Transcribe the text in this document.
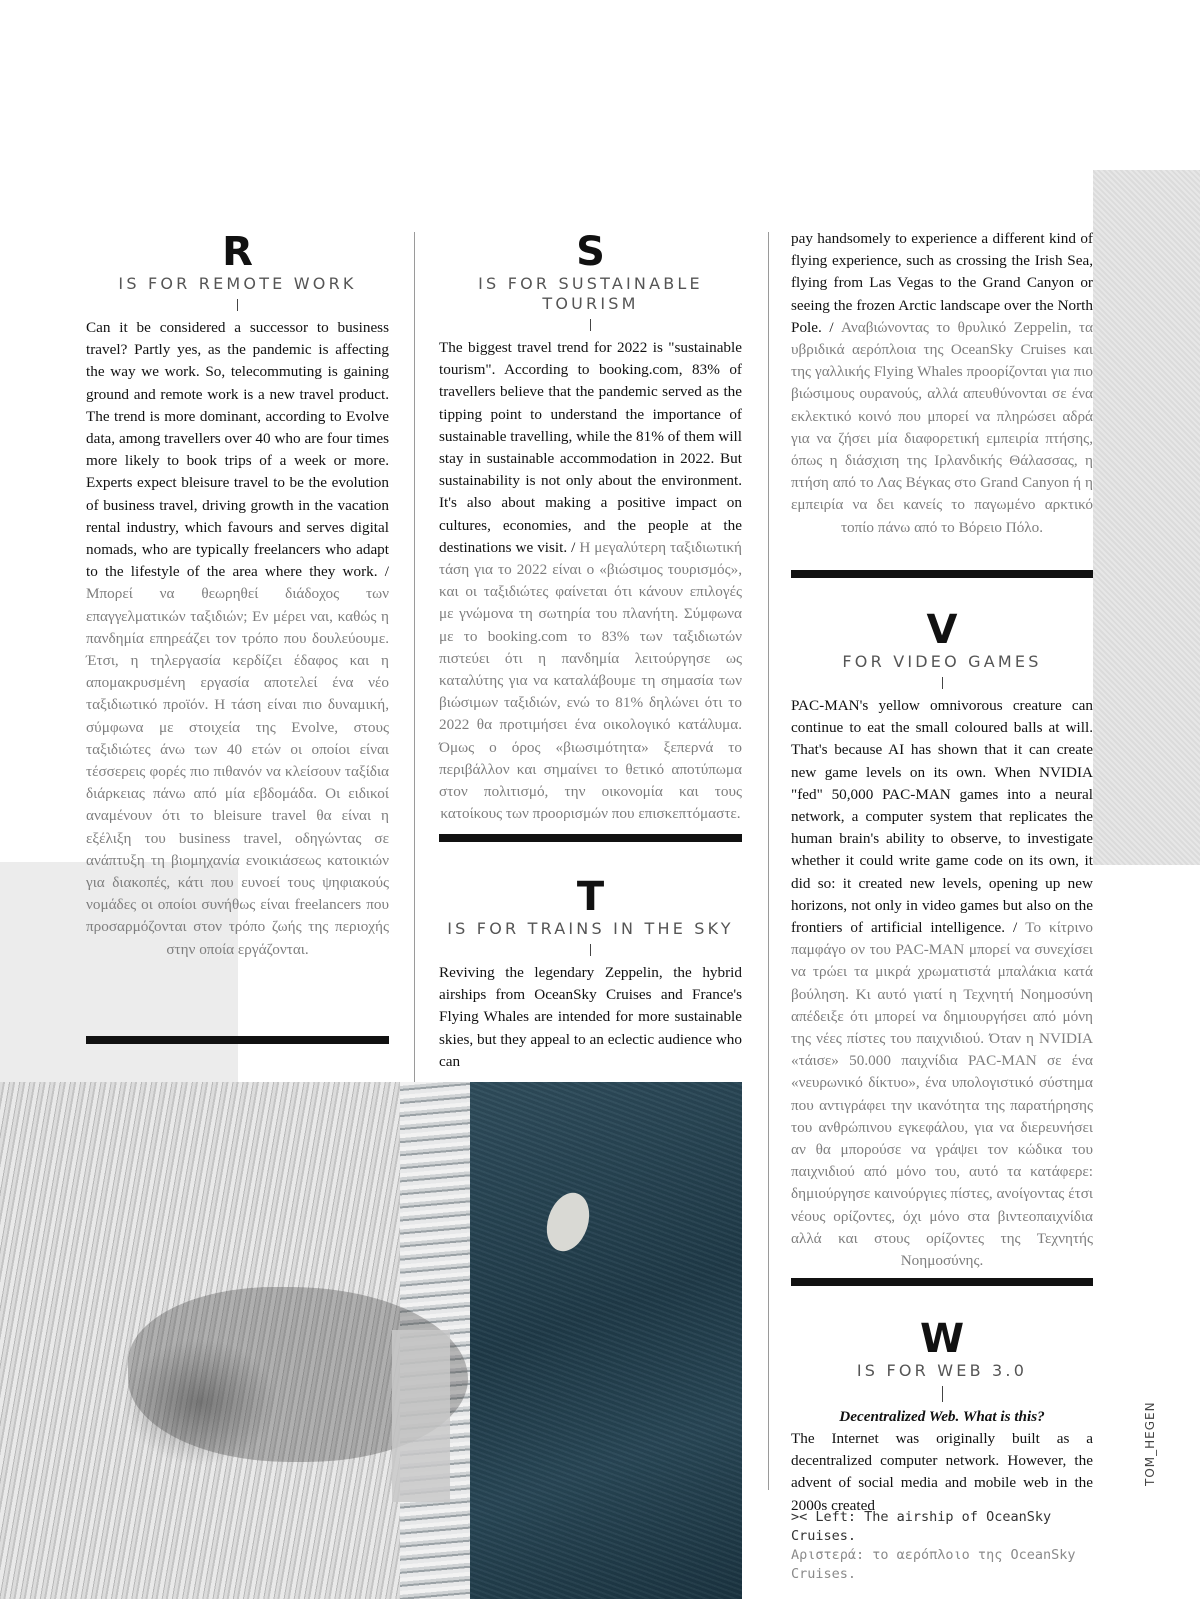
R
IS FOR REMOTE WORK
Can it be considered a successor to business travel? Partly yes, as the pandemic is affecting the way we work. So, telecommuting is gaining ground and remote work is a new travel product. The trend is more dominant, according to Evolve data, among travellers over 40 who are four times more likely to book trips of a week or more. Experts expect bleisure travel to be the evolution of business travel, driving growth in the vacation rental industry, which favours and serves digital nomads, who are typically freelancers who adapt to the lifestyle of the area where they work. / Μπορεί να θεωρηθεί διάδοχος των επαγγελματικών ταξιδιών; Εν μέρει ναι, καθώς η πανδημία επηρεάζει τον τρόπο που δουλεύουμε. Έτσι, η τηλεργασία κερδίζει έδαφος και η απομακρυσμένη εργασία αποτελεί ένα νέο ταξιδιωτικό προϊόν. Η τάση είναι πιο δυναμική, σύμφωνα με στοιχεία της Evolve, στους ταξιδιώτες άνω των 40 ετών οι οποίοι είναι τέσσερεις φορές πιο πιθανόν να κλείσουν ταξίδια διάρκειας πάνω από μία εβδομάδα. Οι ειδικοί αναμένουν ότι το bleisure travel θα είναι η εξέλιξη του business travel, οδηγώντας σε ανάπτυξη τη βιομηχανία ενοικιάσεως κατοικιών για διακοπές, κάτι που ευνοεί τους ψηφιακούς νομάδες οι οποίοι συνήθως είναι freelancers που προσαρμόζονται στον τρόπο ζωής της περιοχής στην οποία εργάζονται.
S
IS FOR SUSTAINABLE TOURISM
The biggest travel trend for 2022 is "sustainable tourism". According to booking.com, 83% of travellers believe that the pandemic served as the tipping point to understand the importance of sustainable travelling, while the 81% of them will stay in sustainable accommodation in 2022. But sustainability is not only about the environment. It's also about making a positive impact on cultures, economies, and the people at the destinations we visit. / Η μεγαλύτερη ταξιδιωτική τάση για το 2022 είναι ο «βιώσιμος τουρισμός», και οι ταξιδιώτες φαίνεται ότι κάνουν επιλογές με γνώμονα τη σωτηρία του πλανήτη. Σύμφωνα με το booking.com το 83% των ταξιδιωτών πιστεύει ότι η πανδημία λειτούργησε ως καταλύτης για να καταλάβουμε τη σημασία των βιώσιμων ταξιδιών, ενώ το 81% δηλώνει ότι το 2022 θα προτιμήσει ένα οικολογικό κατάλυμα. Όμως ο όρος «βιωσιμότητα» ξεπερνά το περιβάλλον και σημαίνει το θετικό αποτύπωμα στον πολιτισμό, την οικονομία και τους κατοίκους των προορισμών που επισκεπτόμαστε.
T
IS FOR TRAINS IN THE SKY
Reviving the legendary Zeppelin, the hybrid airships from OceanSky Cruises and France's Flying Whales are intended for more sustainable skies, but they appeal to an eclectic audience who can
pay handsomely to experience a different kind of flying experience, such as crossing the Irish Sea, flying from Las Vegas to the Grand Canyon or seeing the frozen Arctic landscape over the North Pole. / Αναβιώνοντας το θρυλικό Zeppelin, τα υβριδικά αερόπλοια της OceanSky Cruises και της γαλλικής Flying Whales προορίζονται για πιο βιώσιμους ουρανούς, αλλά απευθύνονται σε ένα εκλεκτικό κοινό που μπορεί να πληρώσει αδρά για να ζήσει μία διαφορετική εμπειρία πτήσης, όπως η διάσχιση της Ιρλανδικής Θάλασσας, η πτήση από το Λας Βέγκας στο Grand Canyon ή η εμπειρία να δει κανείς το παγωμένο αρκτικό τοπίο πάνω από το Βόρειο Πόλο.
V
FOR VIDEO GAMES
PAC-MAN's yellow omnivorous creature can continue to eat the small coloured balls at will. That's because AI has shown that it can create new game levels on its own. When NVIDIA "fed" 50,000 PAC-MAN games into a neural network, a computer system that replicates the human brain's ability to observe, to investigate whether it could write game code on its own, it did so: it created new levels, opening up new horizons, not only in video games but also on the frontiers of artificial intelligence. / Το κίτρινο παμφάγο ον του PAC-MAN μπορεί να συνεχίσει να τρώει τα μικρά χρωματιστά μπαλάκια κατά βούληση. Κι αυτό γιατί η Τεχνητή Νοημοσύνη απέδειξε ότι μπορεί να δημιουργήσει από μόνη της νέες πίστες του παιχνιδιού. Όταν η NVIDIA «τάισε» 50.000 παιχνίδια PAC-MAN σε ένα «νευρωνικό δίκτυο», ένα υπολογιστικό σύστημα που αντιγράφει την ικανότητα της παρατήρησης του ανθρώπινου εγκεφάλου, για να διερευνήσει αν θα μπορούσε να γράψει τον κώδικα του παιχνιδιού από μόνο του, αυτό τα κατάφερε: δημιούργησε καινούργιες πίστες, ανοίγοντας έτσι νέους ορίζοντες, όχι μόνο στα βιντεοπαιχνίδια αλλά και στους ορίζοντες της Τεχνητής Νοημοσύνης.
W
IS FOR WEB 3.0
Decentralized Web. What is this?
The Internet was originally built as a decentralized computer network. However, the advent of social media and mobile web in the 2000s created
>< Left: The airship of OceanSky Cruises.
Αριστερά: το αερόπλοιο της OceanSky Cruises.
TOM_HEGEN
